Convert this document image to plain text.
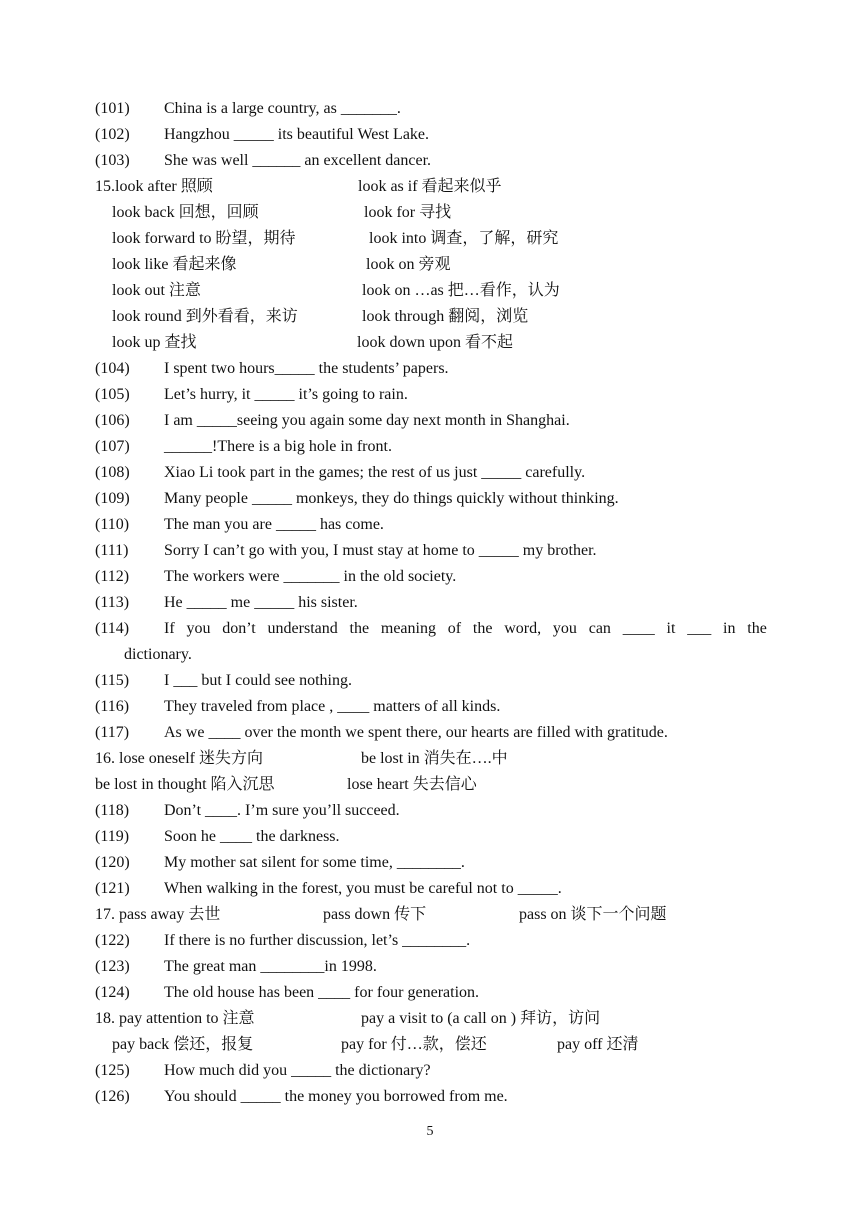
(101) China is a large country, as _______.
(102) Hangzhou _____ its beautiful West Lake.
(103) She was well ______ an excellent dancer.
15.look after 照顾	look as if 看起来似乎
look back 回想，回顾	look for 寻找
look forward to 盼望，期待	look into 调查，了解，研究
look like 看起来像	look on 旁观
look out 注意	look on …as 把…看作，认为
look round 到外看看，来访	look through 翻阅，浏览
look up 查找	look down upon 看不起
(104) I spent two hours_____ the students’ papers.
(105) Let’s hurry, it _____ it’s going to rain.
(106) I am _____seeing you again some day next month in Shanghai.
(107) ______!There is a big hole in front.
(108) Xiao Li took part in the games; the rest of us just _____ carefully.
(109) Many people _____ monkeys, they do things quickly without thinking.
(110) The man you are _____ has come.
(111) Sorry I can’t go with you, I must stay at home to _____ my brother.
(112) The workers were _______ in the old society.
(113) He _____ me _____ his sister.
(114) If you don’t understand the meaning of the word, you can ____ it ___ in the
dictionary.
(115) I ___ but I could see nothing.
(116) They traveled from place , ____ matters of all kinds.
(117) As we ____ over the month we spent there, our hearts are filled with gratitude.
16. lose oneself 迷失方向	be lost in 消失在….中
be lost in thought 陷入沉思	lose heart 失去信心
(118) Don’t ____. I’m sure you’ll succeed.
(119) Soon he ____ the darkness.
(120) My mother sat silent for some time, ________.
(121) When walking in the forest, you must be careful not to _____.
17. pass away 去世	pass down 传下	pass on 谈下一个问题
(122) If there is no further discussion, let’s ________.
(123) The great man ________in 1998.
(124) The old house has been ____ for four generation.
18. pay attention to 注意	pay a visit to (a call on ) 拜访，访问
pay back 偿还，报复	pay for 付…款，偿还	pay off 还清
(125) How much did you _____ the dictionary?
(126) You should _____ the money you borrowed from me.
5
